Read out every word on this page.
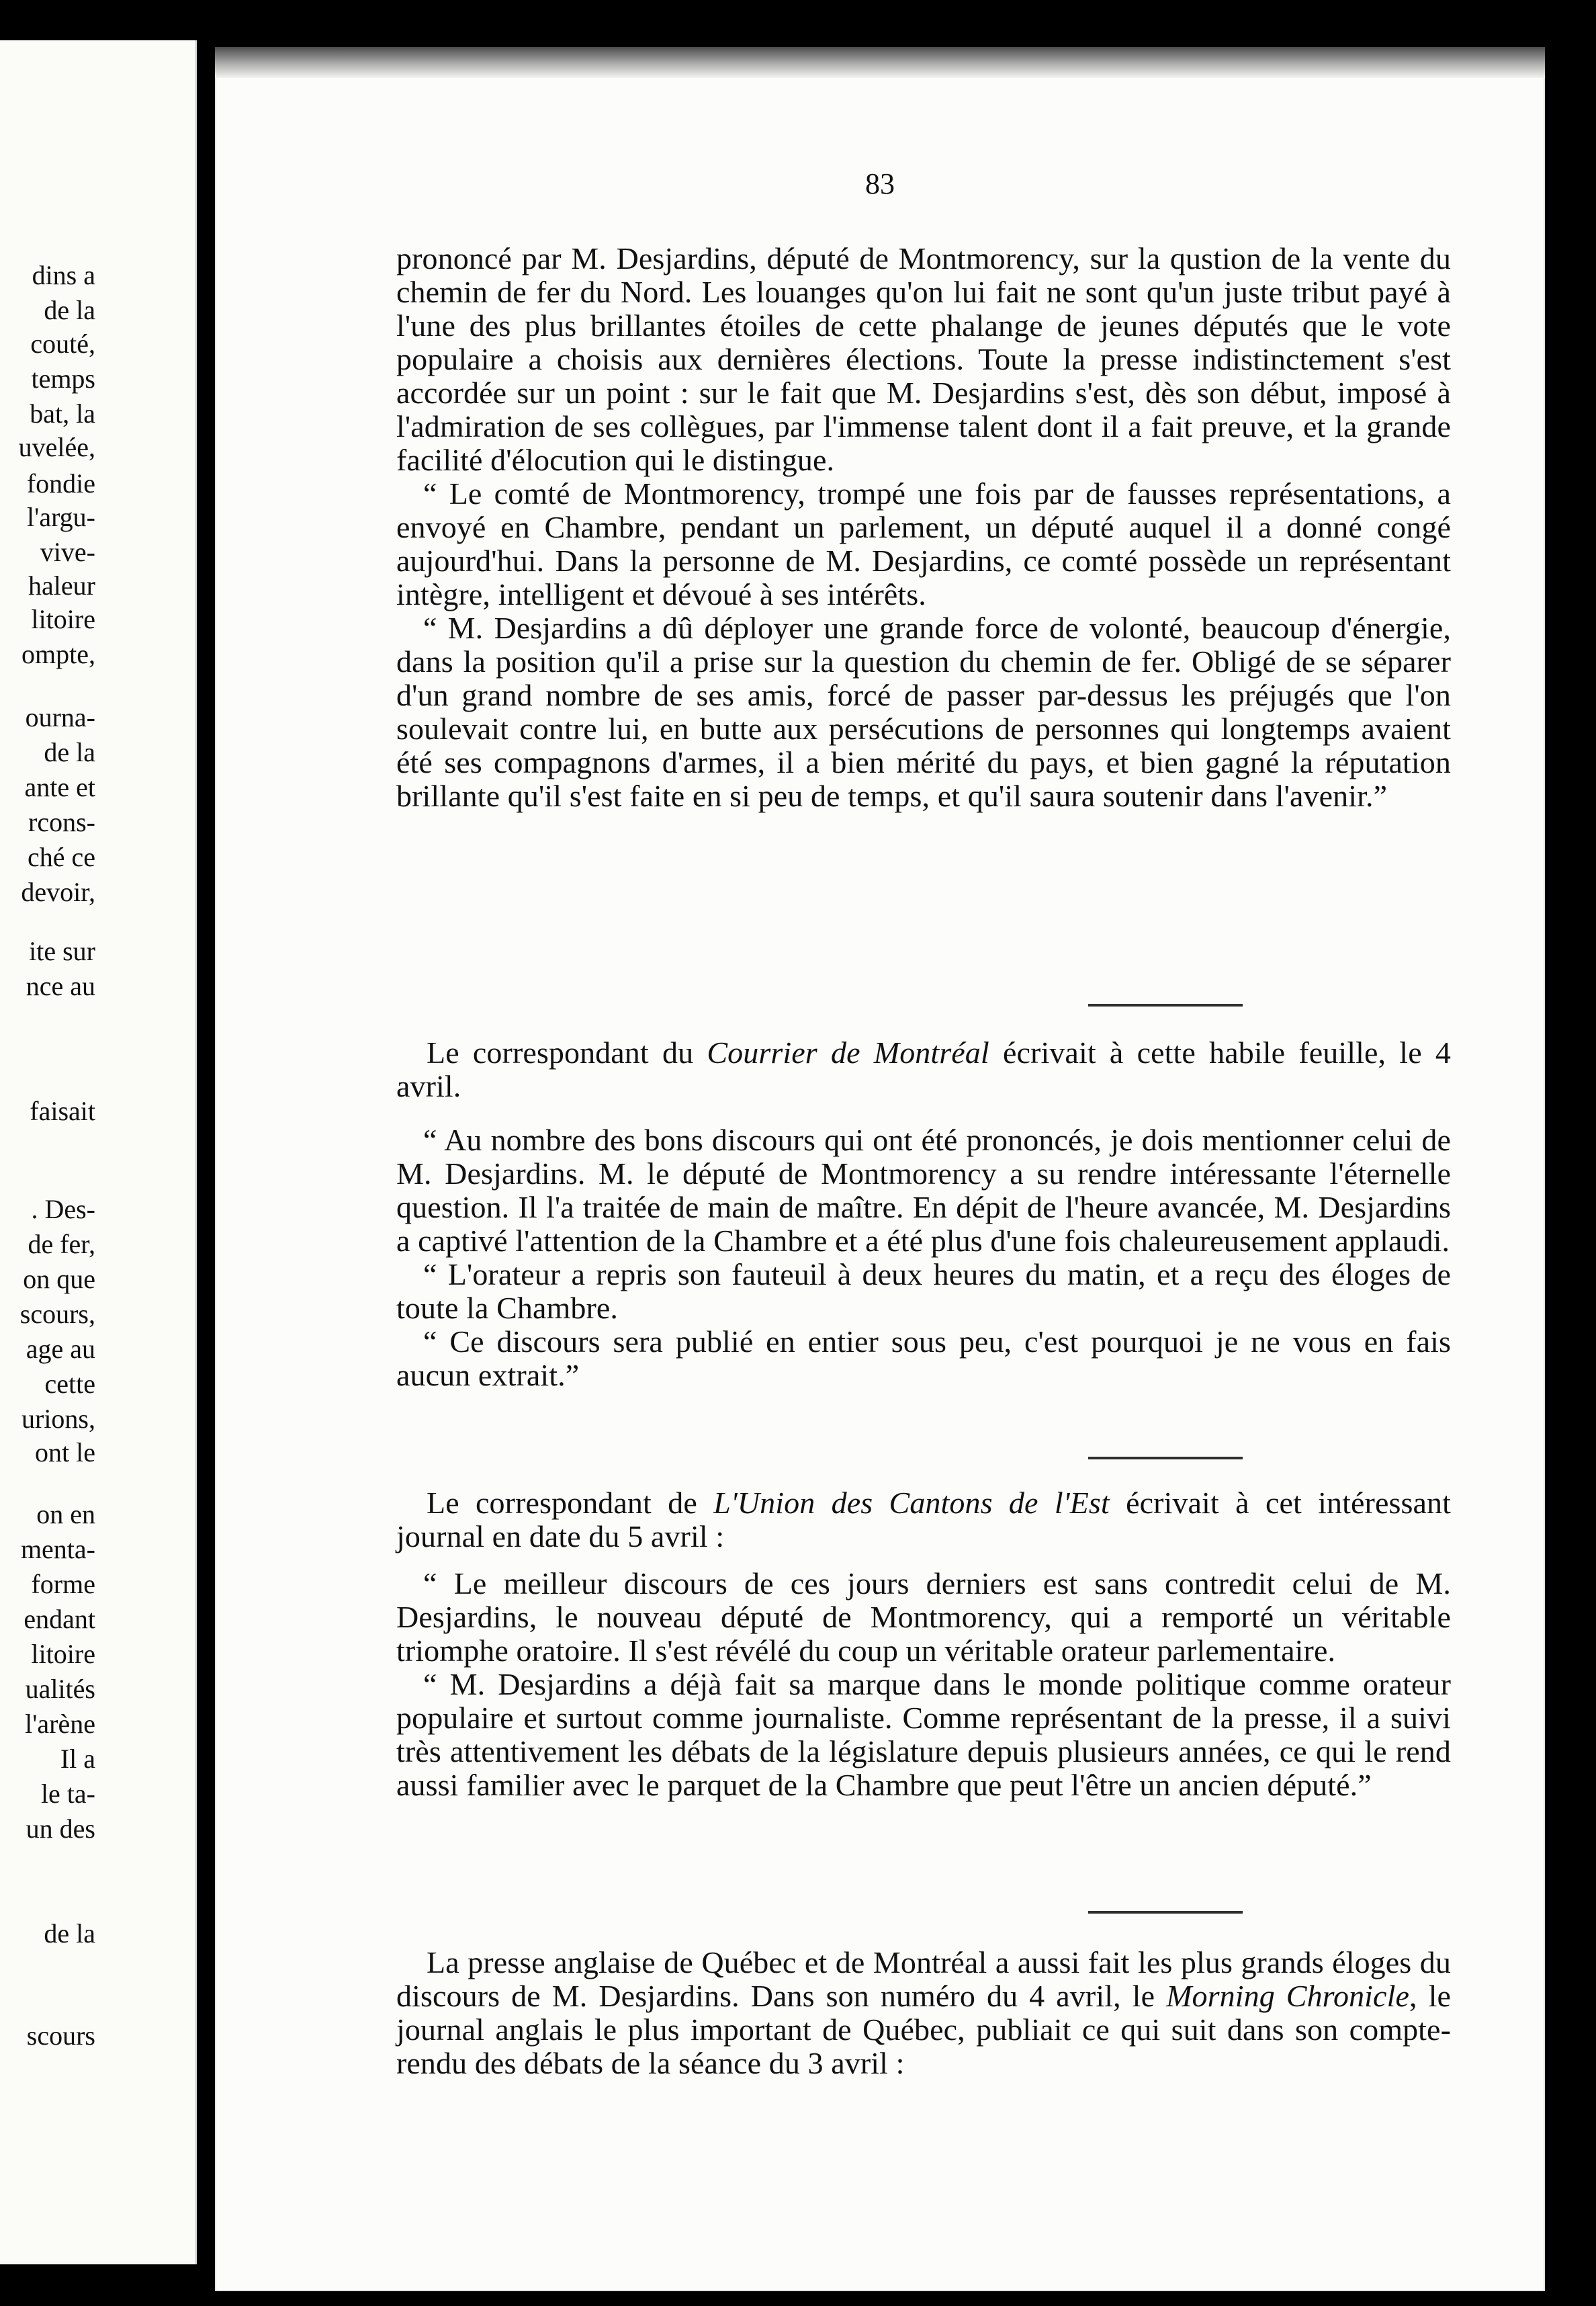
dins a
de la
couté,
temps
bat, la
uvelée,
fondie
l'argu-
vive-
haleur
litoire
ompte,
ourna-
de la
ante et
rcons-
ché ce
devoir,
ite sur
nce au
faisait
. Des-
de fer,
on que
scours,
age au
cette
urions,
ont le
on en
menta-
forme
endant
litoire
ualités
l'arène
Il a
le ta-
un des
de la
scours
83

prononcé par M. Desjardins, député de Montmorency, sur la qustion de la vente du chemin de fer du Nord. Les louanges qu'on lui fait ne sont qu'un juste tribut payé à l'une des plus brillantes étoiles de cette phalange de jeunes députés que le vote populaire a choisis aux dernières élections. Toute la presse indistinctement s'est accordée sur un point : sur le fait que M. Desjardins s'est, dès son début, imposé à l'admiration de ses collègues, par l'immense talent dont il a fait preuve, et la grande facilité d'élocution qui le distingue.

“ Le comté de Montmorency, trompé une fois par de fausses représentations, a envoyé en Chambre, pendant un parlement, un député auquel il a donné congé aujourd'hui. Dans la personne de M. Desjardins, ce comté possède un représentant intègre, intelligent et dévoué à ses intérêts.

“ M. Desjardins a dû déployer une grande force de volonté, beaucoup d'énergie, dans la position qu'il a prise sur la question du chemin de fer. Obligé de se séparer d'un grand nombre de ses amis, forcé de passer par-dessus les préjugés que l'on soulevait contre lui, en butte aux persécutions de personnes qui longtemps avaient été ses compagnons d'armes, il a bien mérité du pays, et bien gagné la réputation brillante qu'il s'est faite en si peu de temps, et qu'il saura soutenir dans l'avenir.”

Le correspondant du Courrier de Montréal écrivait à cette habile feuille, le 4 avril.

“ Au nombre des bons discours qui ont été prononcés, je dois mentionner celui de M. Desjardins. M. le député de Montmorency a su rendre intéressante l'éternelle question. Il l'a traitée de main de maître. En dépit de l'heure avancée, M. Desjardins a captivé l'attention de la Chambre et a été plus d'une fois chaleureusement applaudi.

“ L'orateur a repris son fauteuil à deux heures du matin, et a reçu des éloges de toute la Chambre.

“ Ce discours sera publié en entier sous peu, c'est pourquoi je ne vous en fais aucun extrait.”

Le correspondant de L'Union des Cantons de l'Est écrivait à cet intéressant journal en date du 5 avril :

“ Le meilleur discours de ces jours derniers est sans contredit celui de M. Desjardins, le nouveau député de Montmorency, qui a remporté un véritable triomphe oratoire. Il s'est révélé du coup un véritable orateur parlementaire.

“ M. Desjardins a déjà fait sa marque dans le monde politique comme orateur populaire et surtout comme journaliste. Comme représentant de la presse, il a suivi très attentivement les débats de la législature depuis plusieurs années, ce qui le rend aussi familier avec le parquet de la Chambre que peut l'être un ancien député.”

La presse anglaise de Québec et de Montréal a aussi fait les plus grands éloges du discours de M. Desjardins. Dans son numéro du 4 avril, le Morning Chronicle, le journal anglais le plus important de Québec, publiait ce qui suit dans son compte-rendu des débats de la séance du 3 avril :
